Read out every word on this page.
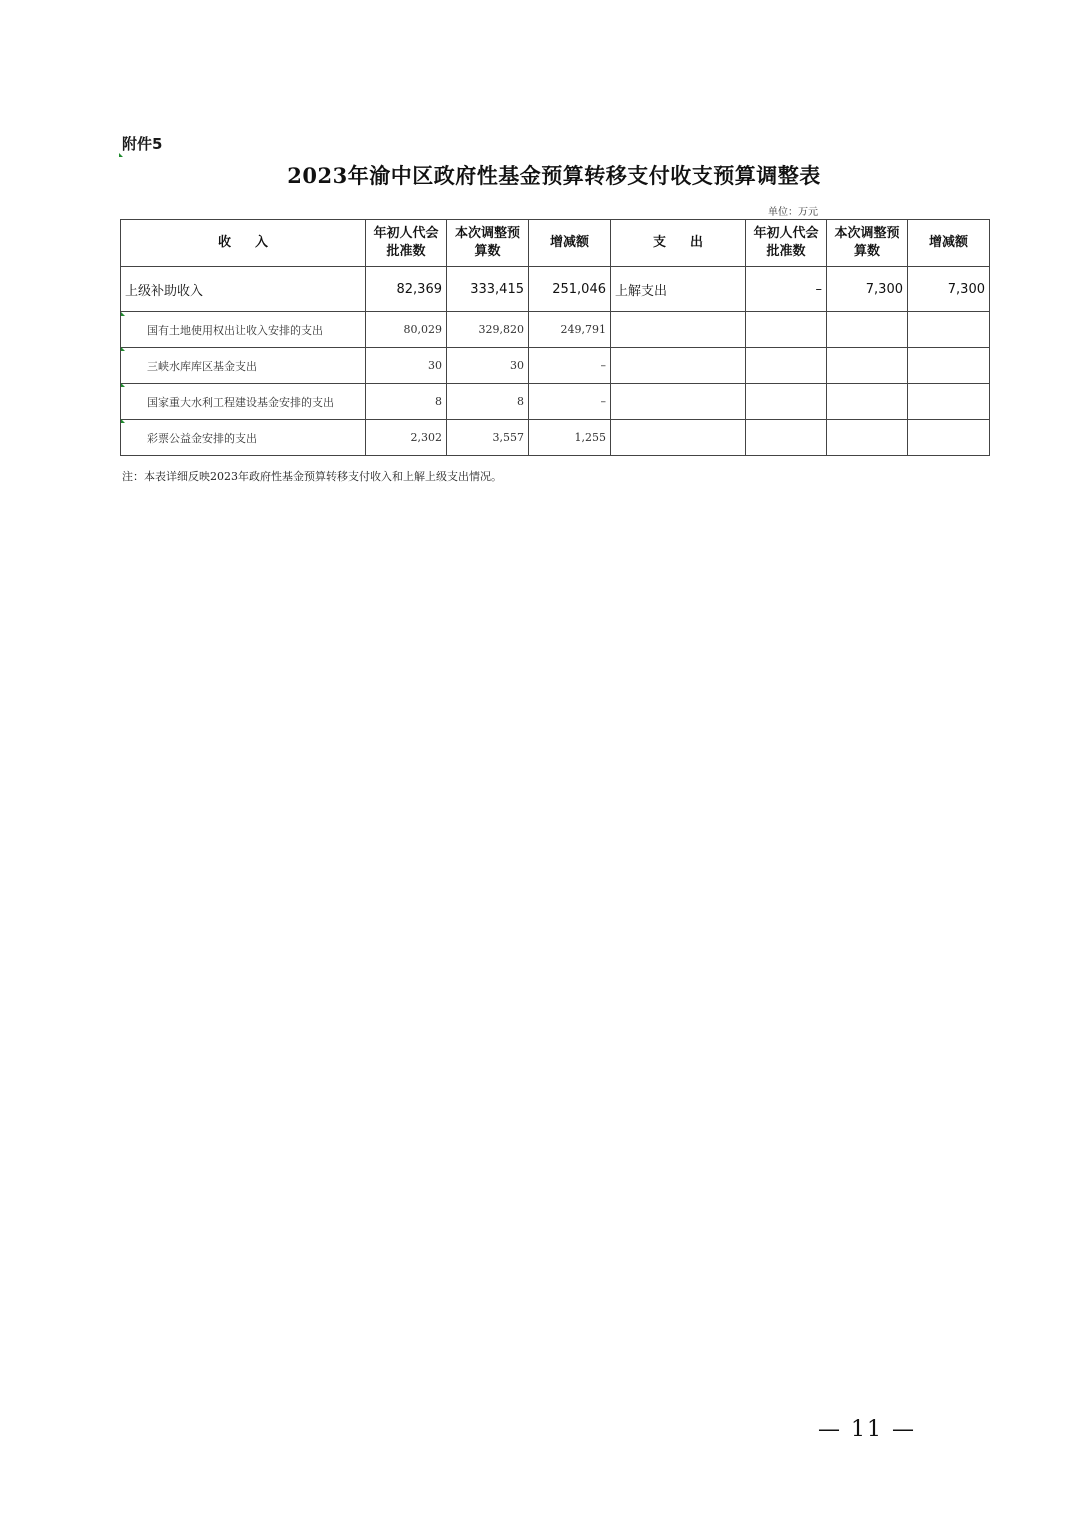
附件5
2023年渝中区政府性基金预算转移支付收支预算调整表
单位：万元
收入	年初人代会批准数	本次调整预算数	增减额	支出	年初人代会批准数	本次调整预算数	增减额
上级补助收入	82,369	333,415	251,046	上解支出	–	7,300	7,300
国有土地使用权出让收入安排的支出	80,029	329,820	249,791				
三峡水库库区基金支出	30	30	–				
国家重大水利工程建设基金安排的支出	8	8	–				
彩票公益金安排的支出	2,302	3,557	1,255				
注：本表详细反映2023年政府性基金预算转移支付收入和上解上级支出情况。
— 11 —
